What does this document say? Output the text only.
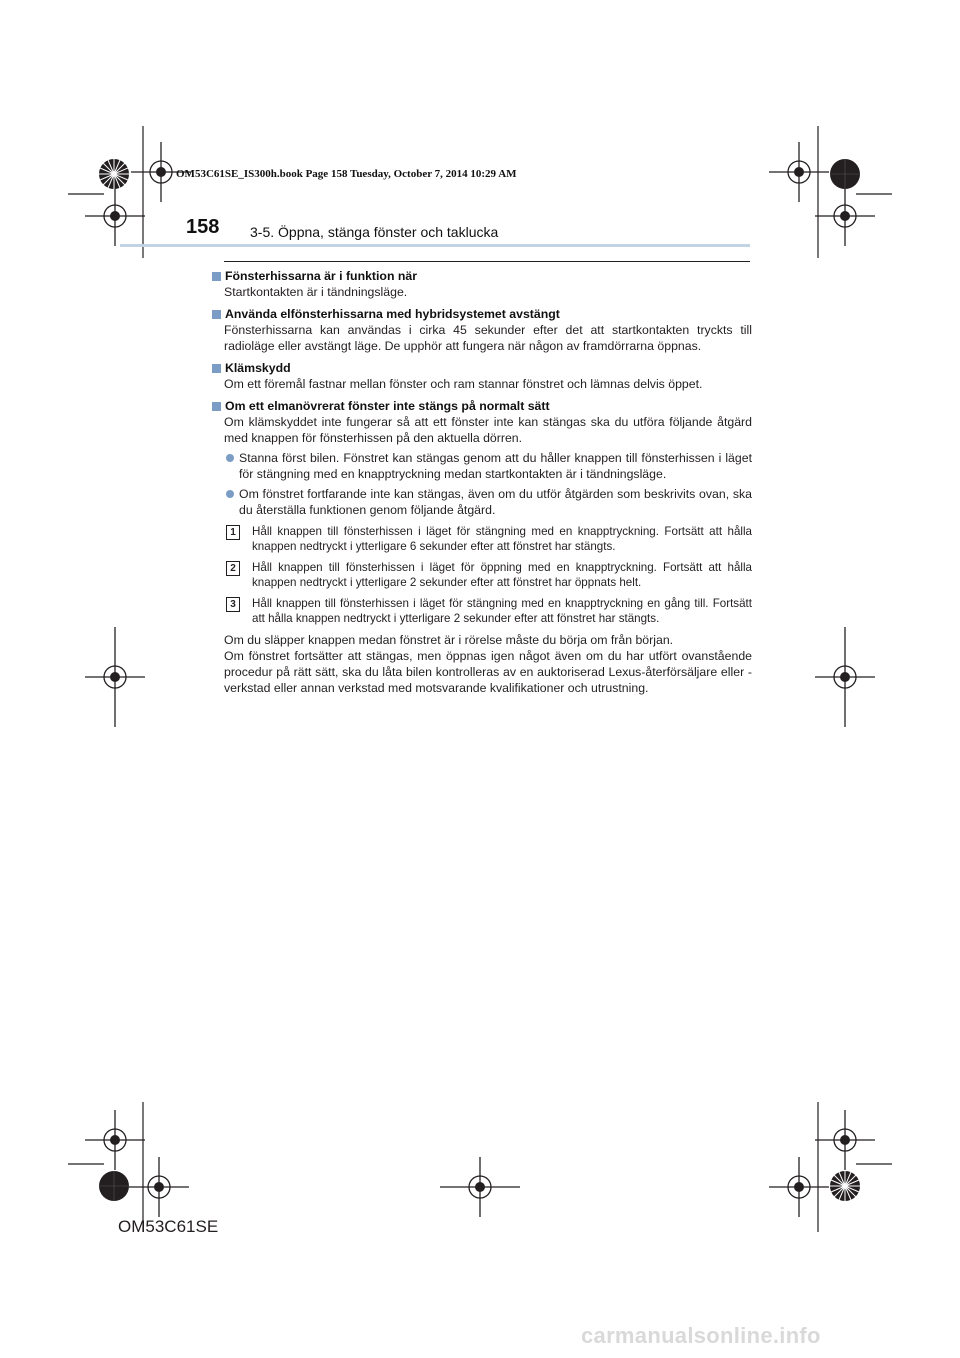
OM53C61SE_IS300h.book Page 158 Tuesday, October 7, 2014 10:29 AM
158 3-5. Öppna, stänga fönster och taklucka
Fönsterhissarna är i funktion när
Startkontakten är i tändningsläge.
Använda elfönsterhissarna med hybridsystemet avstängt
Fönsterhissarna kan användas i cirka 45 sekunder efter det att startkontakten tryckts till radioläge eller avstängt läge. De upphör att fungera när någon av framdörrarna öppnas.
Klämskydd
Om ett föremål fastnar mellan fönster och ram stannar fönstret och lämnas delvis öppet.
Om ett elmanövrerat fönster inte stängs på normalt sätt
Om klämskyddet inte fungerar så att ett fönster inte kan stängas ska du utföra följande åtgärd med knappen för fönsterhissen på den aktuella dörren.
Stanna först bilen. Fönstret kan stängas genom att du håller knappen till fönsterhissen i läget för stängning med en knapptryckning medan startkontakten är i tändningsläge.
Om fönstret fortfarande inte kan stängas, även om du utför åtgärden som beskrivits ovan, ska du återställa funktionen genom följande åtgärd.
1	Håll knappen till fönsterhissen i läget för stängning med en knapptryckning. Fortsätt att hålla knappen nedtryckt i ytterligare 6 sekunder efter att fönstret har stängts.
2	Håll knappen till fönsterhissen i läget för öppning med en knapptryckning. Fortsätt att hålla knappen nedtryckt i ytterligare 2 sekunder efter att fönstret har öppnats helt.
3	Håll knappen till fönsterhissen i läget för stängning med en knapptryckning en gång till. Fortsätt att hålla knappen nedtryckt i ytterligare 2 sekunder efter att fönstret har stängts.
Om du släpper knappen medan fönstret är i rörelse måste du börja om från början.
Om fönstret fortsätter att stängas, men öppnas igen något även om du har utfört ovanstående procedur på rätt sätt, ska du låta bilen kontrolleras av en auktoriserad Lexus-återförsäljare eller -verkstad eller annan verkstad med motsvarande kvalifikationer och utrustning.
OM53C61SE
carmanualsonline.info
